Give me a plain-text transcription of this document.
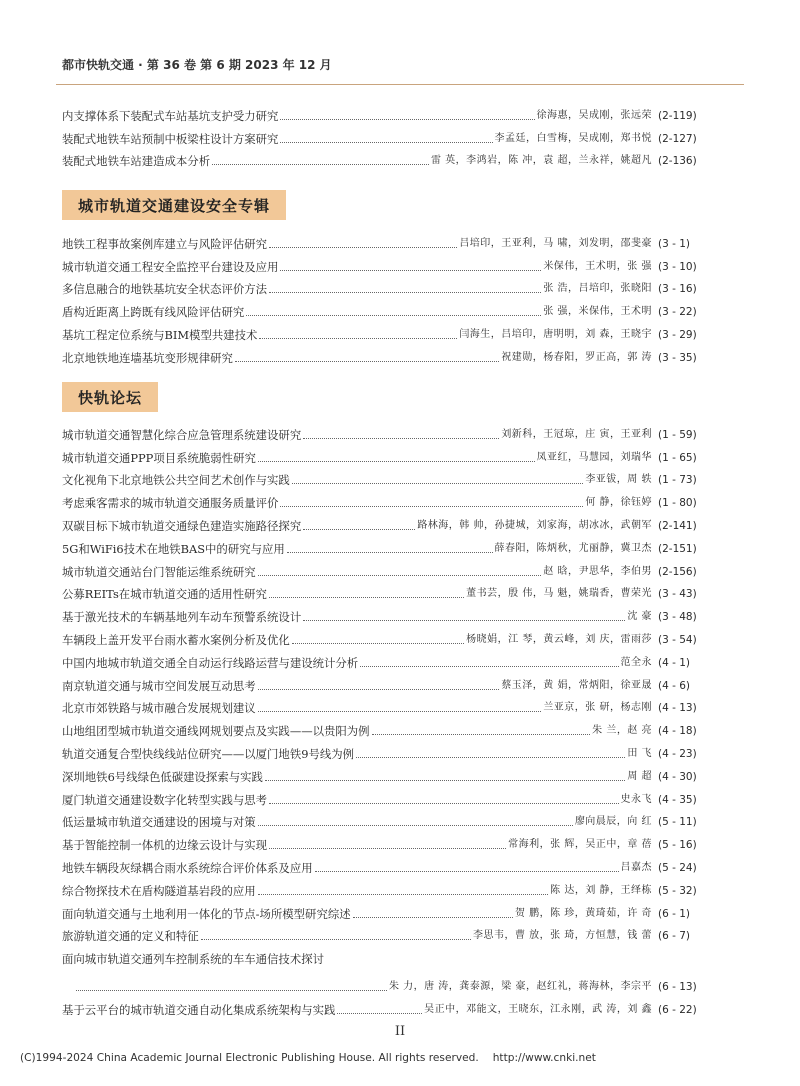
都市快轨交通 · 第 36 卷 第 6 期 2023 年 12 月
内支撑体系下装配式车站基坑支护受力研究	徐海惠，吴成刚，张远荣 (2-119)
装配式地铁车站预制中板梁柱设计方案研究	李孟廷，白雪梅，吴成刚，郑书悦 (2-127)
装配式地铁车站建造成本分析	雷 英，李鸿岩，陈 冲，袁 超，兰永祥，姚超凡 (2-136)
城市轨道交通建设安全专辑
地铁工程事故案例库建立与风险评估研究	吕培印，王亚利，马 啸，刘发明，邵斐豪 (3 - 1)
城市轨道交通工程安全监控平台建设及应用	米保伟，王术明，张 强 (3 - 10)
多信息融合的地铁基坑安全状态评价方法	张 浩，吕培印，张晓阳 (3 - 16)
盾构近距离上跨既有线风险评估研究	张 强，米保伟，王术明 (3 - 22)
基坑工程定位系统与BIM模型共建技术	闫海生，吕培印，唐明明，刘 森，王晓宇 (3 - 29)
北京地铁地连墙基坑变形规律研究	祝建勋，杨春阳，罗正高，郭 涛 (3 - 35)
快轨论坛
城市轨道交通智慧化综合应急管理系统建设研究	刘新科，王冠琼，庄 寅，王亚利 (1 - 59)
城市轨道交通PPP项目系统脆弱性研究	凤亚红，马慧园，刘瑞华 (1 - 65)
文化视角下北京地铁公共空间艺术创作与实践	李亚钹，周 轶 (1 - 73)
考虑乘客需求的城市轨道交通服务质量评价	何 静，徐钰婷 (1 - 80)
双碳目标下城市轨道交通绿色建造实施路径探究	路林海，韩 帅，孙捷城，刘家海，胡冰冰，武朝军 (2-141)
5G和WiFi6技术在地铁BAS中的研究与应用	薛春阳，陈炳秋，尤丽静，冀卫杰 (2-151)
城市轨道交通站台门智能运维系统研究	赵 晗，尹思华，李伯男 (2-156)
公募REITs在城市轨道交通的适用性研究	董书芸，殷 伟，马 魁，姚瑞香，曹荣光 (3 - 43)
基于激光技术的车辆基地列车动车预警系统设计	沈 豪 (3 - 48)
车辆段上盖开发平台雨水蓄水案例分析及优化	杨晓娟，江 琴，黄云峰，刘 庆，雷雨莎 (3 - 54)
中国内地城市轨道交通全自动运行线路运营与建设统计分析	范全永 (4 - 1)
南京轨道交通与城市空间发展互动思考	蔡玉泽，黄 娟，常炳阳，徐亚晟 (4 - 6)
北京市郊铁路与城市融合发展规划建议	兰亚京，张 研，杨志刚 (4 - 13)
山地组团型城市轨道交通线网规划要点及实践——以贵阳为例	朱 兰，赵 亮 (4 - 18)
轨道交通复合型快线线站位研究——以厦门地铁9号线为例	田 飞 (4 - 23)
深圳地铁6号线绿色低碳建设探索与实践	周 超 (4 - 30)
厦门轨道交通建设数字化转型实践与思考	史永飞 (4 - 35)
低运量城市轨道交通建设的困境与对策	廖向晨辰，向 红 (5 - 11)
基于智能控制一体机的边缘云设计与实现	常海利，张 辉，吴正中，章 蓓 (5 - 16)
地铁车辆段灰绿耦合雨水系统综合评价体系及应用	吕嘉杰 (5 - 24)
综合物探技术在盾构隧道基岩段的应用	陈 达，刘 静，王绎栋 (5 - 32)
面向轨道交通与土地利用一体化的节点-场所模型研究综述	贺 鹏，陈 珍，黄琦茹，许 奇 (6 - 1)
旅游轨道交通的定义和特征	李思韦，曹 放，张 琦，方恒慧，钱 蕾 (6 - 7)
面向城市轨道交通列车控制系统的车车通信技术探讨
朱 力，唐 涛，龚泰源，梁 豪，赵红礼，蒋海林，李宗平 (6 - 13)
基于云平台的城市轨道交通自动化集成系统架构与实践	吴正中，邓能文，王晓东，江永刚，武 涛，刘 鑫 (6 - 22)
II
(C)1994-2024 China Academic Journal Electronic Publishing House. All rights reserved. http://www.cnki.net
